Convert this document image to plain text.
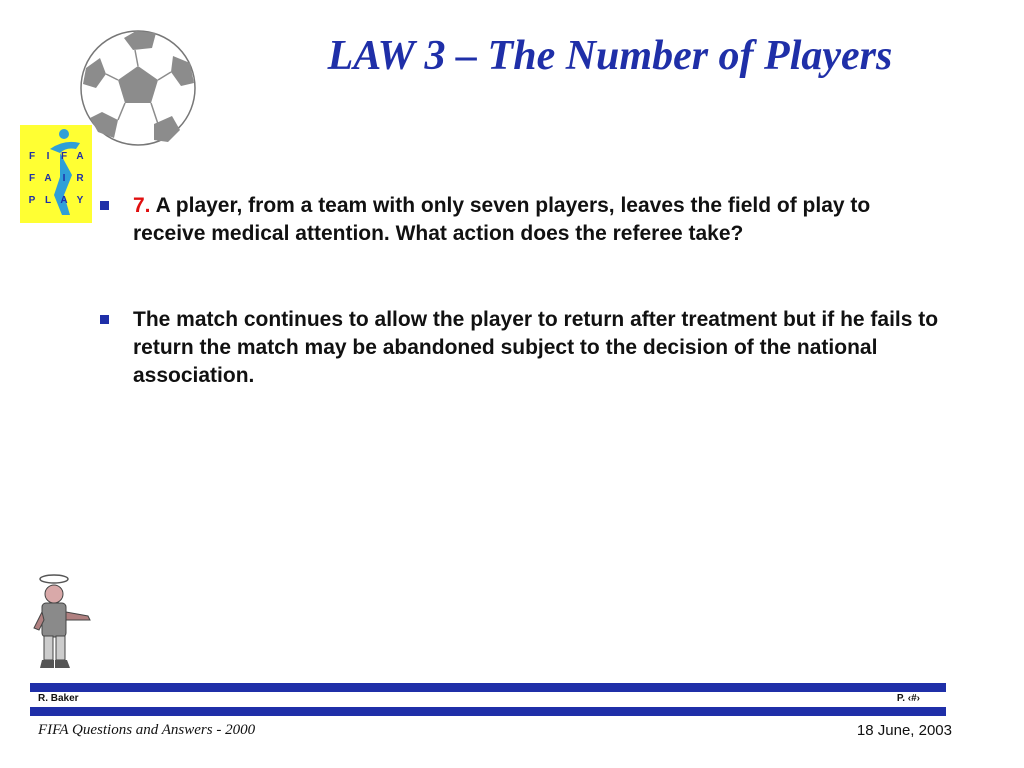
LAW 3 – The Number of Players
F I F A
F A I R
P L A Y	7. A player, from a team with only seven players, leaves the field of play to receive medical attention. What action does the referee take?
The match continues to allow the player to return after treatment but if he fails to return the match may be abandoned subject to the decision of the national association.
R. Baker	P. ‹#›
FIFA Questions and Answers - 2000	18 June, 2003
